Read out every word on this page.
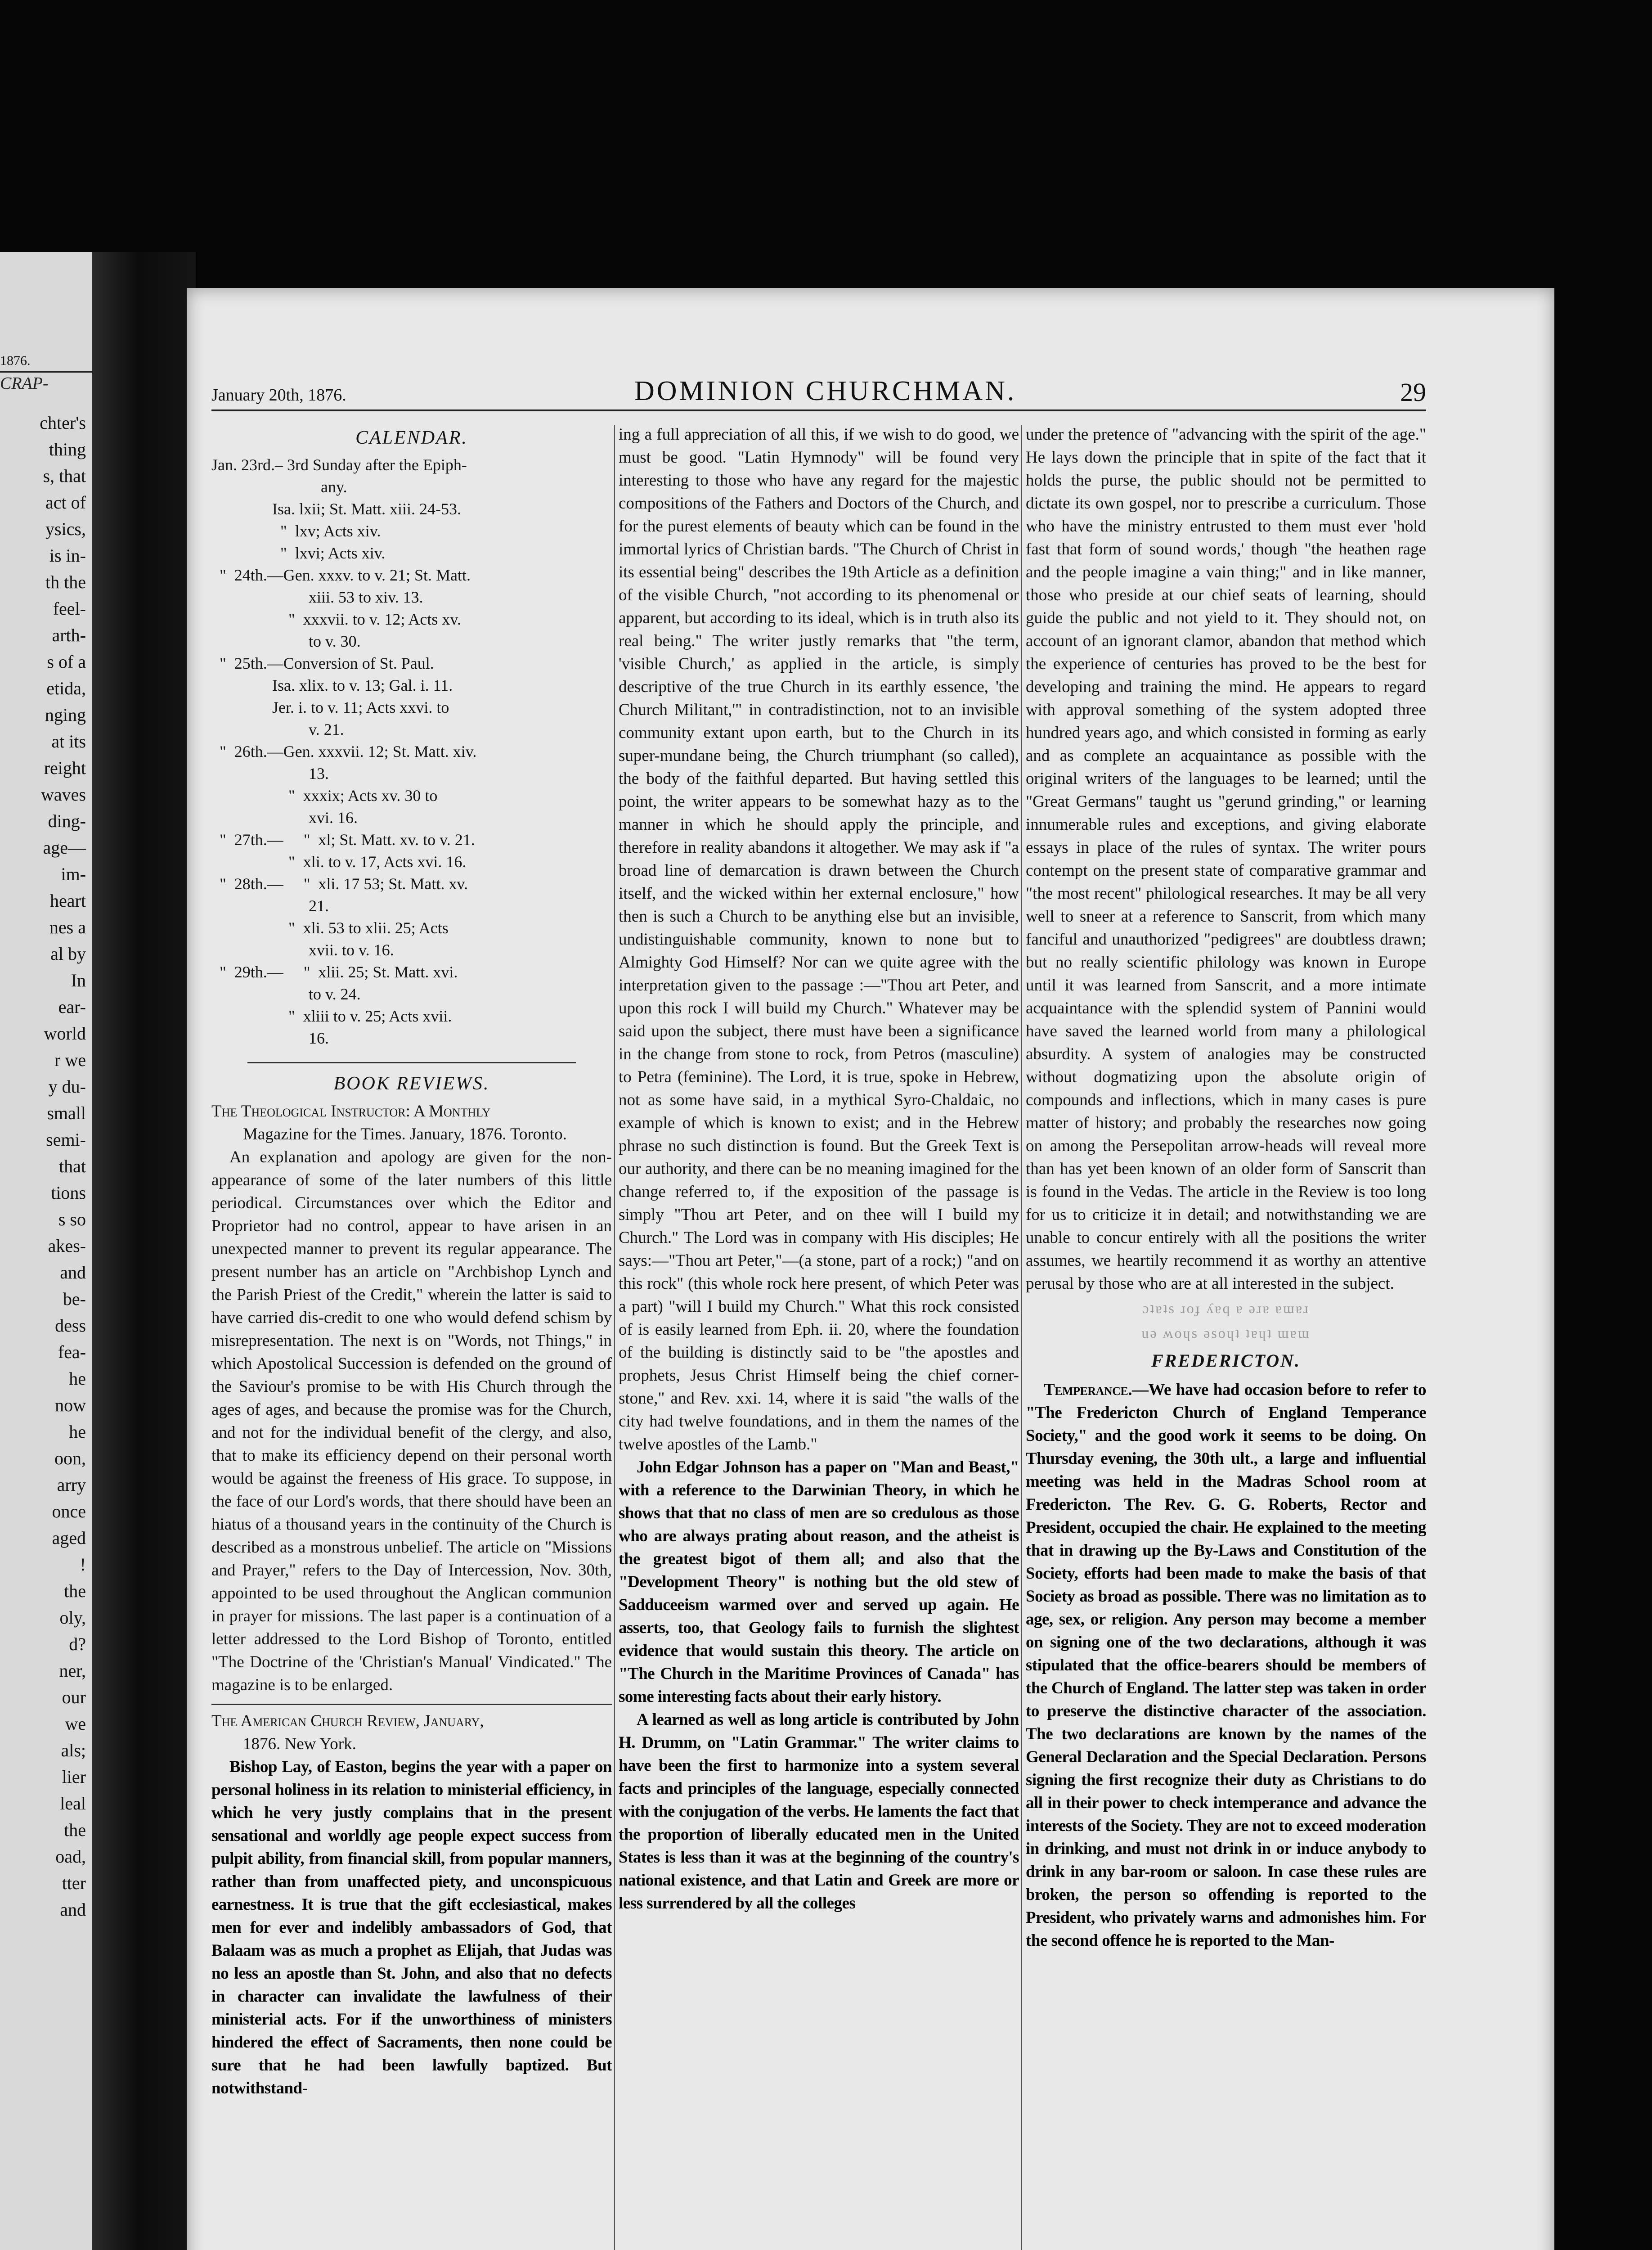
1876.
CRAP-
chter's
thing
s, that
act of
ysics,
is in-
th the
feel-
arth-
s of a
etida,
nging
at its
reight
waves
ding-
age—
im-
heart
nes a
al by
In
ear-
world
r we
y du-
small
semi-
that
tions
s so
akes-
and
be-
dess
fea-
he
now
he
oon,
arry
once
aged
!
the
oly,
d?
ner,
our
we
als;
lier
leal
the
oad,
tter
and
January 20th, 1876.	DOMINION CHURCHMAN.	29
CALENDAR.
Jan. 23rd.– 3rd Sunday after the Epiph-
any.
Isa. lxii; St. Matt. xiii. 24-53.
"  lxv; Acts xiv.
"  lxvi; Acts xiv.
"  24th.—Gen. xxxv. to v. 21; St. Matt.
xiii. 53 to xiv. 13.
"  xxxvii. to v. 12; Acts xv.
to v. 30.
"  25th.—Conversion of St. Paul.
Isa. xlix. to v. 13; Gal. i. 11.
Jer. i. to v. 11; Acts xxvi. to
v. 21.
"  26th.—Gen. xxxvii. 12; St. Matt. xiv.
13.
"  xxxix; Acts xv. 30 to
xvi. 16.
"  27th.—     "  xl; St. Matt. xv. to v. 21.
"  xli. to v. 17, Acts xvi. 16.
"  28th.—     "  xli. 17 53; St. Matt. xv.
21.
"  xli. 53 to xlii. 25; Acts
xvii. to v. 16.
"  29th.—     "  xlii. 25; St. Matt. xvi.
to v. 24.
"  xliii to v. 25; Acts xvii.
16.
BOOK REVIEWS.

The Theological Instructor: A Monthly
Magazine for the Times. January, 1876. Toronto.

An explanation and apology are given for the non-appearance of some of the later numbers of this little periodical. Circumstances over which the Editor and Proprietor had no control, appear to have arisen in an unexpected manner to prevent its regular appearance. The present number has an article on "Archbishop Lynch and the Parish Priest of the Credit," wherein the latter is said to have carried dis-credit to one who would defend schism by misrepresentation. The next is on "Words, not Things," in which Apostolical Succession is defended on the ground of the Saviour's promise to be with His Church through the ages of ages, and because the promise was for the Church, and not for the individual benefit of the clergy, and also, that to make its efficiency depend on their personal worth would be against the freeness of His grace. To suppose, in the face of our Lord's words, that there should have been an hiatus of a thousand years in the continuity of the Church is described as a monstrous unbelief. The article on "Missions and Prayer," refers to the Day of Intercession, Nov. 30th, appointed to be used throughout the Anglican communion in prayer for missions. The last paper is a continuation of a letter addressed to the Lord Bishop of Toronto, entitled "The Doctrine of the 'Christian's Manual' Vindicated." The magazine is to be enlarged.

The American Church Review, January,
1876. New York.

Bishop Lay, of Easton, begins the year with a paper on personal holiness in its relation to ministerial efficiency, in which he very justly complains that in the present sensational and worldly age people expect success from pulpit ability, from financial skill, from popular manners, rather than from unaffected piety, and unconspicuous earnestness. It is true that the gift ecclesiastical, makes men for ever and indelibly ambassadors of God, that Balaam was as much a prophet as Elijah, that Judas was no less an apostle than St. John, and also that no defects in character can invalidate the lawfulness of their ministerial acts. For if the unworthiness of ministers hindered the effect of Sacraments, then none could be sure that he had been lawfully baptized. But notwithstand-

ing a full appreciation of all this, if we wish to do good, we must be good. "Latin Hymnody" will be found very interesting to those who have any regard for the majestic compositions of the Fathers and Doctors of the Church, and for the purest elements of beauty which can be found in the immortal lyrics of Christian bards. "The Church of Christ in its essential being" describes the 19th Article as a definition of the visible Church, "not according to its phenomenal or apparent, but according to its ideal, which is in truth also its real being." The writer justly remarks that "the term, 'visible Church,' as applied in the article, is simply descriptive of the true Church in its earthly essence, 'the Church Militant,'" in contradistinction, not to an invisible community extant upon earth, but to the Church in its super-mundane being, the Church triumphant (so called), the body of the faithful departed. But having settled this point, the writer appears to be somewhat hazy as to the manner in which he should apply the principle, and therefore in reality abandons it altogether. We may ask if "a broad line of demarcation is drawn between the Church itself, and the wicked within her external enclosure," how then is such a Church to be anything else but an invisible, undistinguishable community, known to none but to Almighty God Himself? Nor can we quite agree with the interpretation given to the passage :—"Thou art Peter, and upon this rock I will build my Church." Whatever may be said upon the subject, there must have been a significance in the change from stone to rock, from Petros (masculine) to Petra (feminine). The Lord, it is true, spoke in Hebrew, not as some have said, in a mythical Syro-Chaldaic, no example of which is known to exist; and in the Hebrew phrase no such distinction is found. But the Greek Text is our authority, and there can be no meaning imagined for the change referred to, if the exposition of the passage is simply "Thou art Peter, and on thee will I build my Church." The Lord was in company with His disciples; He says:—"Thou art Peter,"—(a stone, part of a rock;) "and on this rock" (this whole rock here present, of which Peter was a part) "will I build my Church." What this rock consisted of is easily learned from Eph. ii. 20, where the foundation of the building is distinctly said to be "the apostles and prophets, Jesus Christ Himself being the chief corner-stone," and Rev. xxi. 14, where it is said "the walls of the city had twelve foundations, and in them the names of the twelve apostles of the Lamb."

John Edgar Johnson has a paper on "Man and Beast," with a reference to the Darwinian Theory, in which he shows that that no class of men are so credulous as those who are always prating about reason, and the atheist is the greatest bigot of them all; and also that the "Development Theory" is nothing but the old stew of Sadduceeism warmed over and served up again. He asserts, too, that Geology fails to furnish the slightest evidence that would sustain this theory. The article on "The Church in the Maritime Provinces of Canada" has some interesting facts about their early history.

A learned as well as long article is contributed by John H. Drumm, on "Latin Grammar." The writer claims to have been the first to harmonize into a system several facts and principles of the language, especially connected with the conjugation of the verbs. He laments the fact that the proportion of liberally educated men in the United States is less than it was at the beginning of the country's national existence, and that Latin and Greek are more or less surrendered by all the colleges

under the pretence of "advancing with the spirit of the age." He lays down the principle that in spite of the fact that it holds the purse, the public should not be permitted to dictate its own gospel, nor to prescribe a curriculum. Those who have the ministry entrusted to them must ever 'hold fast that form of sound words,' though "the heathen rage and the people imagine a vain thing;" and in like manner, those who preside at our chief seats of learning, should guide the public and not yield to it. They should not, on account of an ignorant clamor, abandon that method which the experience of centuries has proved to be the best for developing and training the mind. He appears to regard with approval something of the system adopted three hundred years ago, and which consisted in forming as early and as complete an acquaintance as possible with the original writers of the languages to be learned; until the "Great Germans" taught us "gerund grinding," or learning innumerable rules and exceptions, and giving elaborate essays in place of the rules of syntax. The writer pours contempt on the present state of comparative grammar and "the most recent" philological researches. It may be all very well to sneer at a reference to Sanscrit, from which many fanciful and unauthorized "pedigrees" are doubtless drawn; but no really scientific philology was known in Europe until it was learned from Sanscrit, and a more intimate acquaintance with the splendid system of Pannini would have saved the learned world from many a philological absurdity. A system of analogies may be constructed without dogmatizing upon the absolute origin of compounds and inflections, which in many cases is pure matter of history; and probably the researches now going on among the Persepolitan arrow-heads will reveal more than has yet been known of an older form of Sanscrit than is found in the Vedas. The article in the Review is too long for us to criticize it in detail; and notwithstanding we are unable to concur entirely with all the positions the writer assumes, we heartily recommend it as worthy an attentive perusal by those who are at all interested in the subject.

ɔʇɐʇs ɹoɟ ʎɐq ɐ ǝɹɐ ɐɯɐɹ
uǝ ʍoɥs ǝsoɥʇ ʇɐɥʇ ɯɐɯ
FREDERICTON.

Temperance.—We have had occasion before to refer to "The Fredericton Church of England Temperance Society," and the good work it seems to be doing. On Thursday evening, the 30th ult., a large and influential meeting was held in the Madras School room at Fredericton. The Rev. G. G. Roberts, Rector and President, occupied the chair. He explained to the meeting that in drawing up the By-Laws and Constitution of the Society, efforts had been made to make the basis of that Society as broad as possible. There was no limitation as to age, sex, or religion. Any person may become a member on signing one of the two declarations, although it was stipulated that the office-bearers should be members of the Church of England. The latter step was taken in order to preserve the distinctive character of the association. The two declarations are known by the names of the General Declaration and the Special Declaration. Persons signing the first recognize their duty as Christians to do all in their power to check intemperance and advance the interests of the Society. They are not to exceed moderation in drinking, and must not drink in or induce anybody to drink in any bar-room or saloon. In case these rules are broken, the person so offending is reported to the President, who privately warns and admonishes him. For the second offence he is reported to the Man-
